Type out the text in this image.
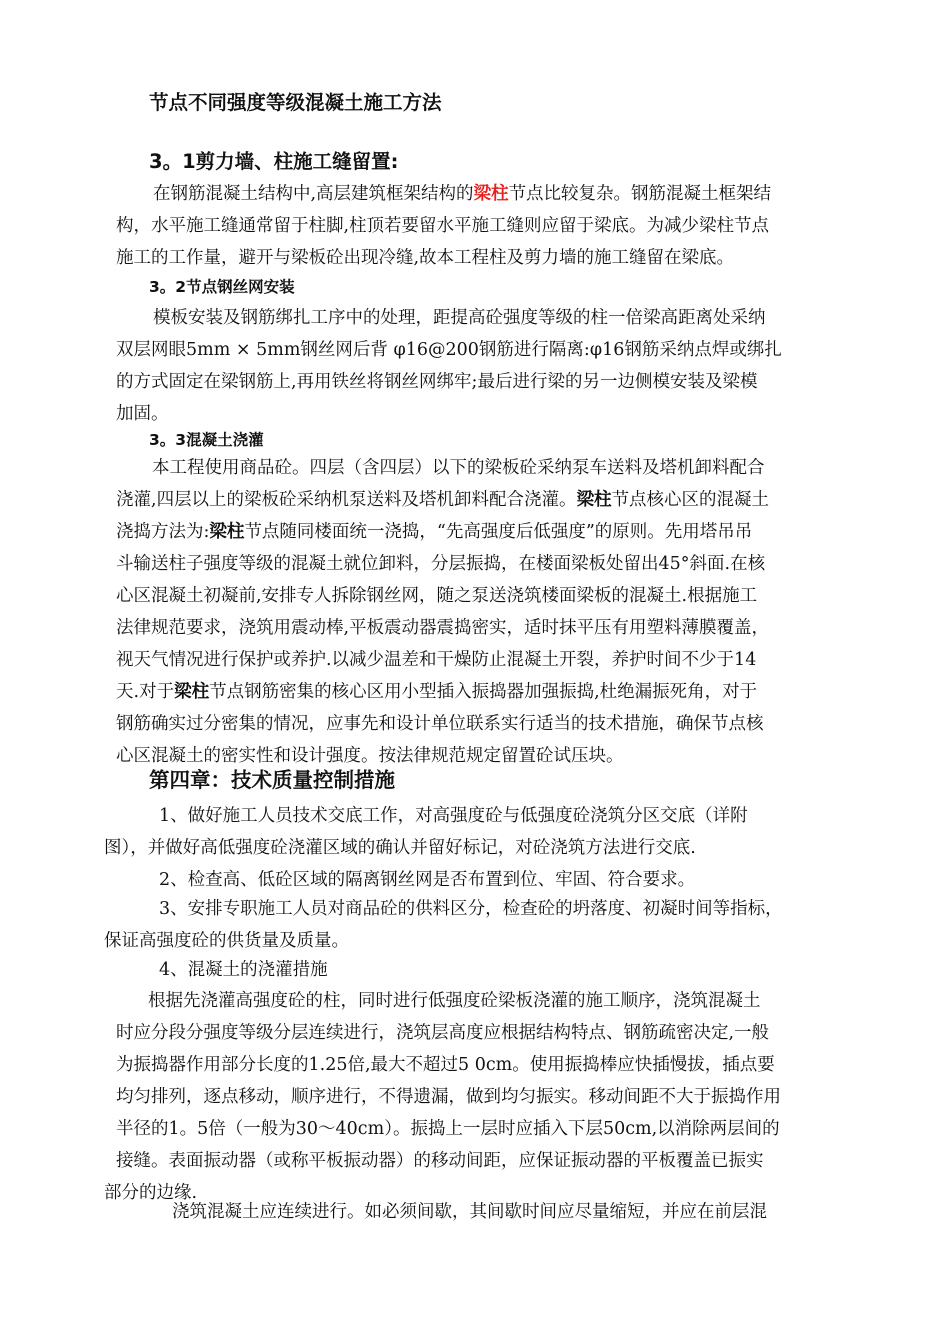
节点不同强度等级混凝土施工方法
3。1剪力墙、柱施工缝留置:
在钢筋混凝土结构中,高层建筑框架结构的梁柱节点比较复杂。钢筋混凝土框架结
构，水平施工缝通常留于柱脚,柱顶若要留水平施工缝则应留于梁底。为减少梁柱节点
施工的工作量，避开与梁板砼出现冷缝,故本工程柱及剪力墙的施工缝留在梁底。
3。2节点钢丝网安装
模板安装及钢筋绑扎工序中的处理，距提高砼强度等级的柱一倍梁高距离处采纳
双层网眼5mm × 5mm钢丝网后背 φ16@200钢筋进行隔离:φ16钢筋采纳点焊或绑扎
的方式固定在梁钢筋上,再用铁丝将钢丝网绑牢;最后进行梁的另一边侧模安装及梁模
加固。
3。3混凝土浇灌
本工程使用商品砼。四层（含四层）以下的梁板砼采纳泵车送料及塔机卸料配合
浇灌,四层以上的梁板砼采纳机泵送料及塔机卸料配合浇灌。梁柱节点核心区的混凝土
浇捣方法为:梁柱节点随同楼面统一浇捣，“先高强度后低强度”的原则。先用塔吊吊
斗输送柱子强度等级的混凝土就位卸料，分层振捣，在楼面梁板处留出45°斜面.在核
心区混凝土初凝前,安排专人拆除钢丝网，随之泵送浇筑楼面梁板的混凝土.根据施工
法律规范要求，浇筑用震动棒,平板震动器震捣密实，适时抹平压有用塑料薄膜覆盖，
视天气情况进行保护或养护.以减少温差和干燥防止混凝土开裂，养护时间不少于14
天.对于梁柱节点钢筋密集的核心区用小型插入振捣器加强振捣,杜绝漏振死角，对于
钢筋确实过分密集的情况，应事先和设计单位联系实行适当的技术措施，确保节点核
心区混凝土的密实性和设计强度。按法律规范规定留置砼试压块。
第四章：技术质量控制措施
1、做好施工人员技术交底工作，对高强度砼与低强度砼浇筑分区交底（详附
图），并做好高低强度砼浇灌区域的确认并留好标记，对砼浇筑方法进行交底.
2、检查高、低砼区域的隔离钢丝网是否布置到位、牢固、符合要求。
3、安排专职施工人员对商品砼的供料区分，检查砼的坍落度、初凝时间等指标，
保证高强度砼的供货量及质量。
4、混凝土的浇灌措施
根据先浇灌高强度砼的柱，同时进行低强度砼梁板浇灌的施工顺序，浇筑混凝土
时应分段分强度等级分层连续进行，浇筑层高度应根据结构特点、钢筋疏密决定,一般
为振捣器作用部分长度的1.25倍,最大不超过5 0cm。使用振捣棒应快插慢拔，插点要
均匀排列，逐点移动，顺序进行，不得遗漏，做到均匀振实。移动间距不大于振捣作用
半径的1。5倍（一般为30～40cm）。振捣上一层时应插入下层50cm,以消除两层间的
接缝。表面振动器（或称平板振动器）的移动间距，应保证振动器的平板覆盖已振实
部分的边缘.
浇筑混凝土应连续进行。如必须间歇，其间歇时间应尽量缩短，并应在前层混
